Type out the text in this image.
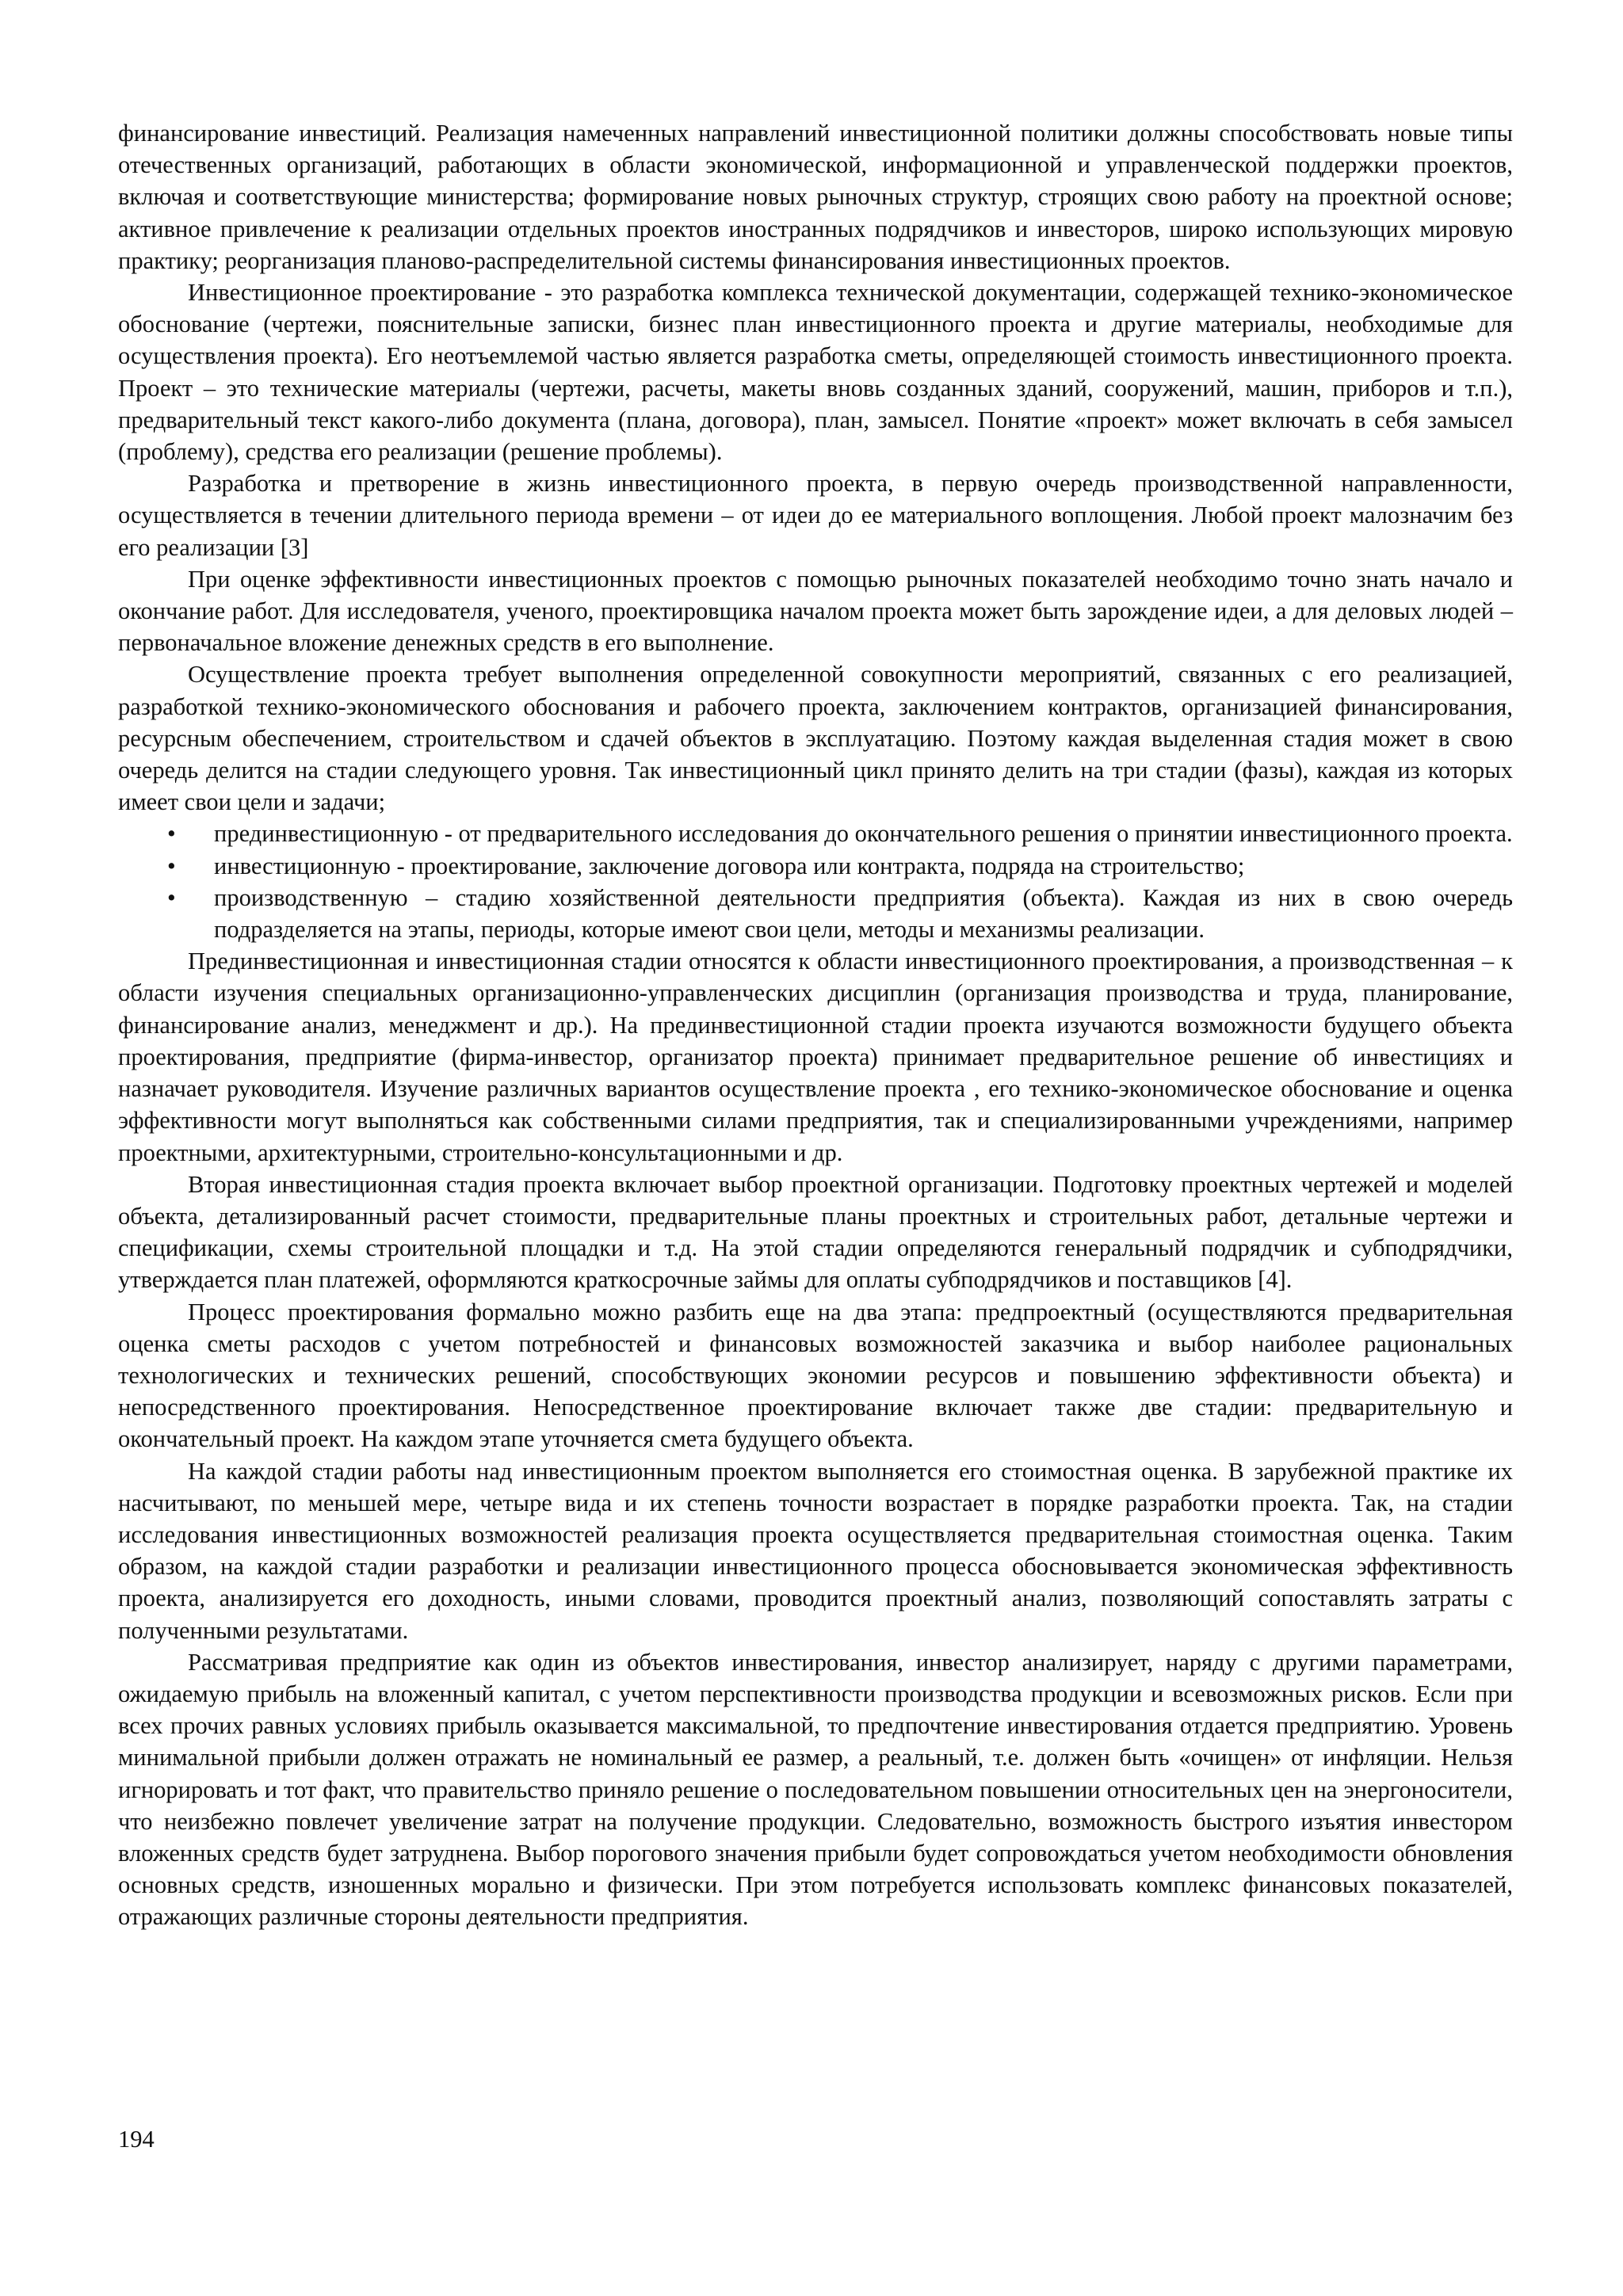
финансирование инвестиций. Реализация намеченных направлений инвестиционной политики должны способствовать новые типы отечественных организаций, работающих в области экономической, информационной и управленческой поддержки проектов, включая и соответствующие министерства; формирование новых рыночных структур, строящих свою работу на проектной основе; активное привлечение к реализации отдельных проектов иностранных подрядчиков и инвесторов, широко использующих мировую практику; реорганизация планово-распределительной системы финансирования инвестиционных проектов.

Инвестиционное проектирование - это разработка комплекса технической документации, содержащей технико-экономическое обоснование (чертежи, пояснительные записки, бизнес план инвестиционного проекта и другие материалы, необходимые для осуществления проекта). Его неотъемлемой частью является разработка сметы, определяющей стоимость инвестиционного проекта. Проект – это технические материалы (чертежи, расчеты, макеты вновь созданных зданий, сооружений, машин, приборов и т.п.), предварительный текст какого-либо документа (плана, договора), план, замысел. Понятие «проект» может включать в себя замысел (проблему), средства его реализации (решение проблемы).

Разработка и претворение в жизнь инвестиционного проекта, в первую очередь производственной направленности, осуществляется в течении длительного периода времени – от идеи до ее материального воплощения. Любой проект малозначим без его реализации [3]

При оценке эффективности инвестиционных проектов с помощью рыночных показателей необходимо точно знать начало и окончание работ. Для исследователя, ученого, проектировщика началом проекта может быть зарождение идеи, а для деловых людей – первоначальное вложение денежных средств в его выполнение.

Осуществление проекта требует выполнения определенной совокупности мероприятий, связанных с его реализацией, разработкой технико-экономического обоснования и рабочего проекта, заключением контрактов, организацией финансирования, ресурсным обеспечением, строительством и сдачей объектов в эксплуатацию. Поэтому каждая выделенная стадия может в свою очередь делится на стадии следующего уровня. Так инвестиционный цикл принято делить на три стадии (фазы), каждая из которых имеет свои цели и задачи;

•	прединвестиционную - от предварительного исследования до окончательного решения о принятии инвестиционного проекта.
•	инвестиционную - проектирование, заключение договора или контракта, подряда на строительство;
•	производственную – стадию хозяйственной деятельности предприятия (объекта). Каждая из них в свою очередь подразделяется на этапы, периоды, которые имеют свои цели, методы и механизмы реализации.

Прединвестиционная и инвестиционная стадии относятся к области инвестиционного проектирования, а производственная – к области изучения специальных организационно-управленческих дисциплин (организация производства и труда, планирование, финансирование анализ, менеджмент и др.). На прединвестиционной стадии проекта изучаются возможности будущего объекта проектирования, предприятие (фирма-инвестор, организатор проекта) принимает предварительное решение об инвестициях и назначает руководителя. Изучение различных вариантов осуществление проекта , его технико-экономическое обоснование и оценка эффективности могут выполняться как собственными силами предприятия, так и специализированными учреждениями, например проектными, архитектурными, строительно-консультационными и др.

Вторая инвестиционная стадия проекта включает выбор проектной организации. Подготовку проектных чертежей и моделей объекта, детализированный расчет стоимости, предварительные планы проектных и строительных работ, детальные чертежи и спецификации, схемы строительной площадки и т.д. На этой стадии определяются генеральный подрядчик и субподрядчики, утверждается план платежей, оформляются краткосрочные займы для оплаты субподрядчиков и поставщиков [4].

Процесс проектирования формально можно разбить еще на два этапа: предпроектный (осуществляются предварительная оценка сметы расходов с учетом потребностей и финансовых возможностей заказчика и выбор наиболее рациональных технологических и технических решений, способствующих экономии ресурсов и повышению эффективности объекта) и непосредственного проектирования. Непосредственное проектирование включает также две стадии: предварительную и окончательный проект. На каждом этапе уточняется смета будущего объекта.

На каждой стадии работы над инвестиционным проектом выполняется его стоимостная оценка. В зарубежной практике их насчитывают, по меньшей мере, четыре вида и их степень точности возрастает в порядке разработки проекта. Так, на стадии исследования инвестиционных возможностей реализация проекта осуществляется предварительная стоимостная оценка. Таким образом, на каждой стадии разработки и реализации инвестиционного процесса обосновывается экономическая эффективность проекта, анализируется его доходность, иными словами, проводится проектный анализ, позволяющий сопоставлять затраты с полученными результатами.

Рассматривая предприятие как один из объектов инвестирования, инвестор анализирует, наряду с другими параметрами, ожидаемую прибыль на вложенный капитал, с учетом перспективности производства продукции и всевозможных рисков. Если при всех прочих равных условиях прибыль оказывается максимальной, то предпочтение инвестирования отдается предприятию. Уровень минимальной прибыли должен отражать не номинальный ее размер, а реальный, т.е. должен быть «очищен» от инфляции. Нельзя игнорировать и тот факт, что правительство приняло решение о последовательном повышении относительных цен на энергоносители, что неизбежно повлечет увеличение затрат на получение продукции. Следовательно, возможность быстрого изъятия инвестором вложенных средств будет затруднена. Выбор порогового значения прибыли будет сопровождаться учетом необходимости обновления основных средств, изношенных морально и физически. При этом потребуется использовать комплекс финансовых показателей, отражающих различные стороны деятельности предприятия.

194
